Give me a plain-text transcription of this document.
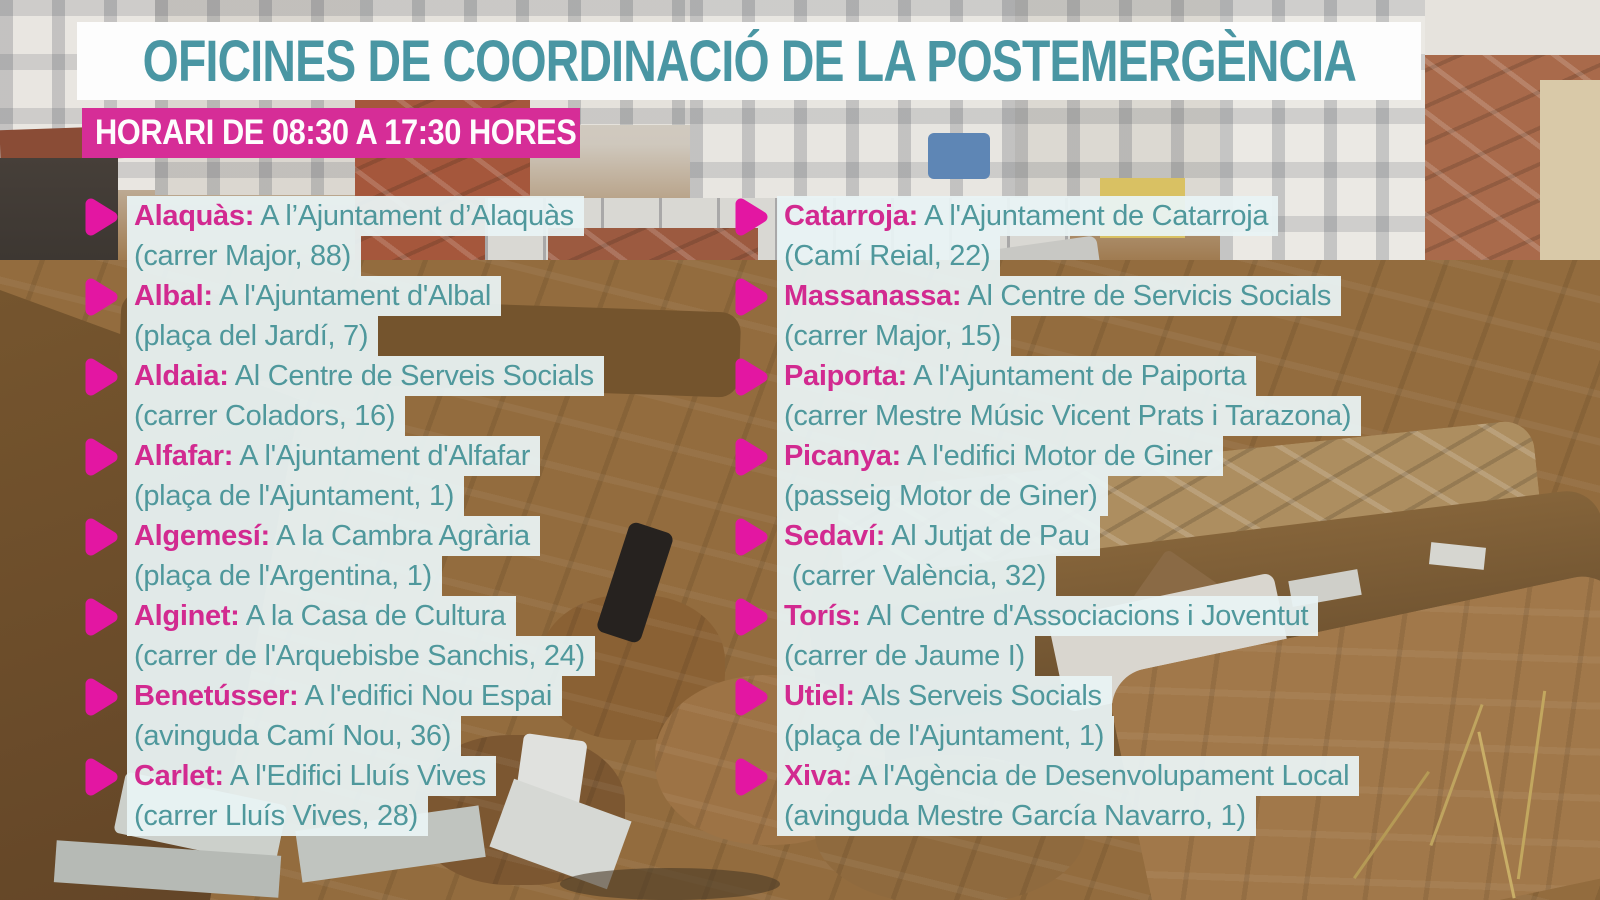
OFICINES DE COORDINACIÓ DE LA POSTEMERGÈNCIA
HORARI DE 08:30 A 17:30 HORES
Alaquàs: A l’Ajuntament d’Alaquàs
(carrer Major, 88)
Albal: A l'Ajuntament d'Albal
(plaça del Jardí, 7)
Aldaia: Al Centre de Serveis Socials
(carrer Coladors, 16)
Alfafar: A l'Ajuntament d'Alfafar
(plaça de l'Ajuntament, 1)
Algemesí: A la Cambra Agrària
(plaça de l'Argentina, 1)
Alginet: A la Casa de Cultura
(carrer de l'Arquebisbe Sanchis, 24)
Benetússer: A l'edifici Nou Espai
(avinguda Camí Nou, 36)
Carlet: A l'Edifici Lluís Vives
(carrer Lluís Vives, 28)
Catarroja: A l'Ajuntament de Catarroja
(Camí Reial, 22)
Massanassa: Al Centre de Servicis Socials
(carrer Major, 15)
Paiporta: A l'Ajuntament de Paiporta
(carrer Mestre Músic Vicent Prats i Tarazona)
Picanya: A l'edifici Motor de Giner
(passeig Motor de Giner)
Sedaví: Al Jutjat de Pau
(carrer València, 32)
Torís: Al Centre d'Associacions i Joventut
(carrer de Jaume I)
Utiel: Als Serveis Socials
(plaça de l'Ajuntament, 1)
Xiva: A l'Agència de Desenvolupament Local
(avinguda Mestre García Navarro, 1)
